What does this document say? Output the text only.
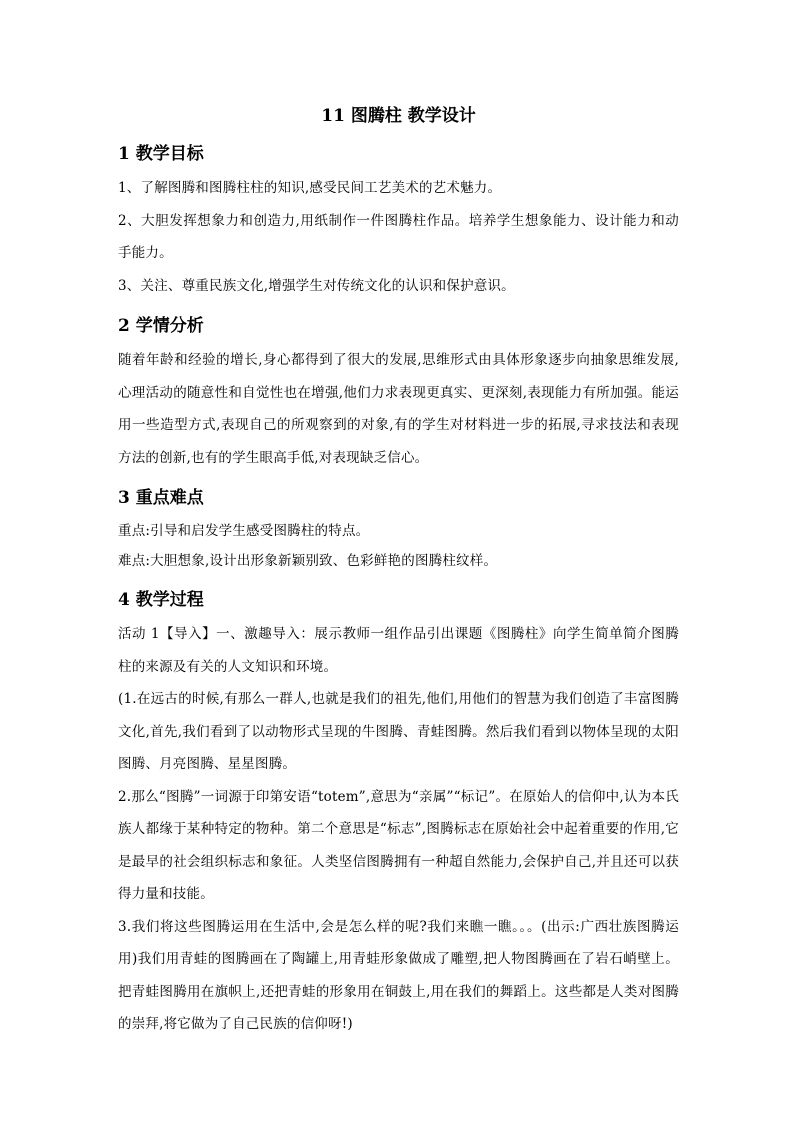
11 图腾柱 教学设计
1 教学目标

1、了解图腾和图腾柱柱的知识,感受民间工艺美术的艺术魅力。

2、大胆发挥想象力和创造力,用纸制作一件图腾柱作品。培养学生想象能力、设计能力和动手能力。

3、关注、尊重民族文化,增强学生对传统文化的认识和保护意识。

2 学情分析

随着年龄和经验的增长,身心都得到了很大的发展,思维形式由具体形象逐步向抽象思维发展,心理活动的随意性和自觉性也在增强,他们力求表现更真实、更深刻,表现能力有所加强。能运用一些造型方式,表现自己的所观察到的对象,有的学生对材料进一步的拓展,寻求技法和表现方法的创新,也有的学生眼高手低,对表现缺乏信心。

3 重点难点

重点:引导和启发学生感受图腾柱的特点。

难点:大胆想象,设计出形象新颖别致、色彩鲜艳的图腾柱纹样。

4 教学过程

活动 1【导入】一、激趣导入：展示教师一组作品引出课题《图腾柱》向学生简单简介图腾柱的来源及有关的人文知识和环境。

(1.在远古的时候,有那么一群人,也就是我们的祖先,他们,用他们的智慧为我们创造了丰富图腾文化,首先,我们看到了以动物形式呈现的牛图腾、青蛙图腾。然后我们看到以物体呈现的太阳图腾、月亮图腾、星星图腾。

2.那么“图腾”一词源于印第安语“totem”,意思为“亲属”“标记”。在原始人的信仰中,认为本氏族人都缘于某种特定的物种。第二个意思是“标志”,图腾标志在原始社会中起着重要的作用,它是最早的社会组织标志和象征。人类坚信图腾拥有一种超自然能力,会保护自己,并且还可以获得力量和技能。

3.我们将这些图腾运用在生活中,会是怎么样的呢?我们来瞧一瞧。。。(出示:广西壮族图腾运用)我们用青蛙的图腾画在了陶罐上,用青蛙形象做成了雕塑,把人物图腾画在了岩石峭壁上。把青蛙图腾用在旗帜上,还把青蛙的形象用在铜鼓上,用在我们的舞蹈上。这些都是人类对图腾的崇拜,将它做为了自己民族的信仰呀!)
